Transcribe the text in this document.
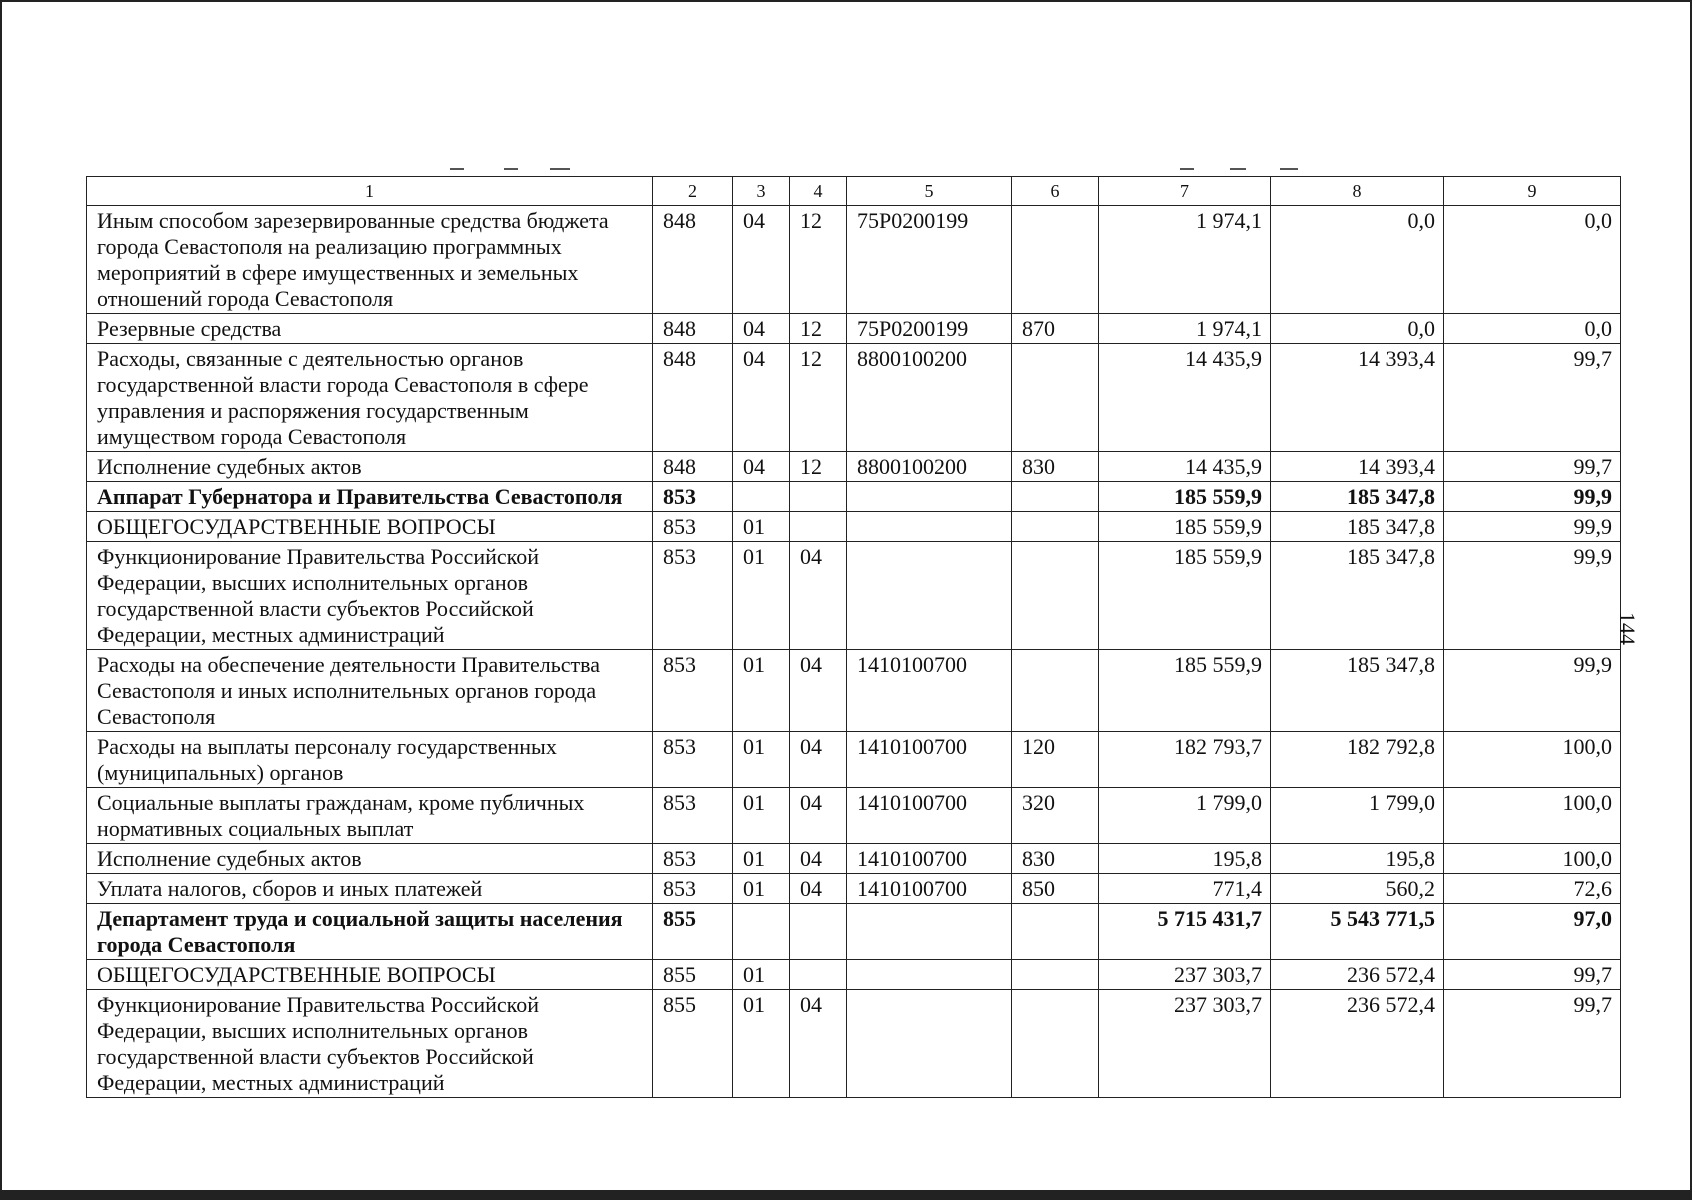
1	2	3	4	5	6	7	8	9
Иным способом зарезервированные средства бюджета города Севастополя на реализацию программных мероприятий в сфере имущественных и земельных отношений города Севастополя	848	04	12	75Р0200199		1 974,1	0,0	0,0
Резервные средства	848	04	12	75Р0200199	870	1 974,1	0,0	0,0
Расходы, связанные с деятельностью органов государственной власти города Севастополя в сфере управления и распоряжения государственным имуществом города Севастополя	848	04	12	8800100200		14 435,9	14 393,4	99,7
Исполнение судебных актов	848	04	12	8800100200	830	14 435,9	14 393,4	99,7
Аппарат Губернатора и Правительства Севастополя	853					185 559,9	185 347,8	99,9
ОБЩЕГОСУДАРСТВЕННЫЕ ВОПРОСЫ	853	01				185 559,9	185 347,8	99,9
Функционирование Правительства Российской Федерации, высших исполнительных органов государственной власти субъектов Российской Федерации, местных администраций	853	01	04			185 559,9	185 347,8	99,9
Расходы на обеспечение деятельности Правительства Севастополя и иных исполнительных органов города Севастополя	853	01	04	1410100700		185 559,9	185 347,8	99,9
Расходы на выплаты персоналу государственных (муниципальных) органов	853	01	04	1410100700	120	182 793,7	182 792,8	100,0
Социальные выплаты гражданам, кроме публичных нормативных социальных выплат	853	01	04	1410100700	320	1 799,0	1 799,0	100,0
Исполнение судебных актов	853	01	04	1410100700	830	195,8	195,8	100,0
Уплата налогов, сборов и иных платежей	853	01	04	1410100700	850	771,4	560,2	72,6
Департамент труда и социальной защиты населения города Севастополя	855					5 715 431,7	5 543 771,5	97,0
ОБЩЕГОСУДАРСТВЕННЫЕ ВОПРОСЫ	855	01				237 303,7	236 572,4	99,7
Функционирование Правительства Российской Федерации, высших исполнительных органов государственной власти субъектов Российской Федерации, местных администраций	855	01	04			237 303,7	236 572,4	99,7
144
